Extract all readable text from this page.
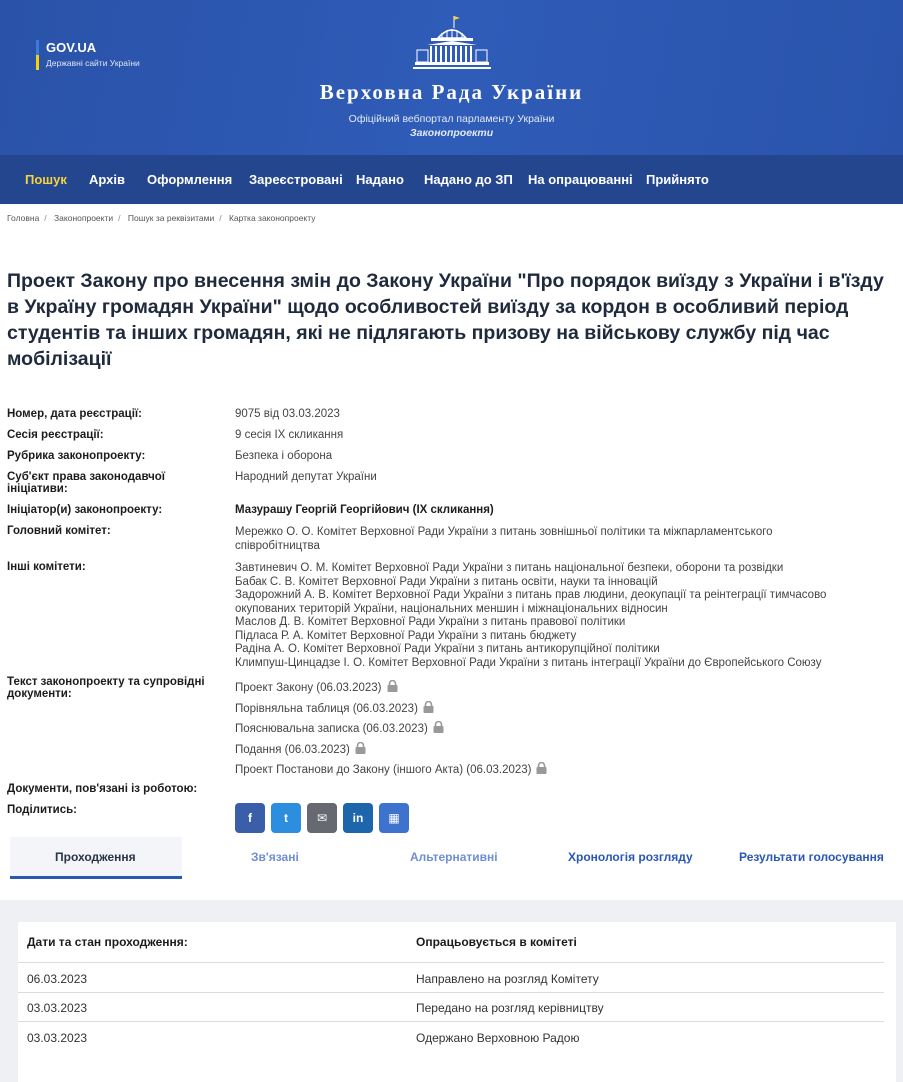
GOV.UA
Державні сайти України
Верховна Рада України
Офіційний вебпортал парламенту України
Законопроекти
Пошук Архів Оформлення Зареєстровані Надано Надано до ЗП На опрацюванні Прийнято
Головна / Законопроекти / Пошук за реквізитами / Картка законопроекту
Проект Закону про внесення змін до Закону України "Про порядок виїзду з України і в'їзду в Україну громадян України" щодо особливостей виїзду за кордон в особливий період студентів та інших громадян, які не підлягають призову на військову службу під час мобілізації
Номер, дата реєстрації:	9075 від 03.03.2023
Сесія реєстрації:	9 сесія IX скликання
Рубрика законопроекту:	Безпека і оборона
Суб'єкт права законодавчої ініціативи:
Народний депутат України
Ініціатор(и) законопроекту:	Мазурашу Георгій Георгійович (IX скликання)
Головний комітет:	Мережко О. О. Комітет Верховної Ради України з питань зовнішньої політики та міжпарламентського співробітництва
Інші комітети:	Завтиневич О. М. Комітет Верховної Ради України з питань національної безпеки, оборони та розвідки
Бабак С. В. Комітет Верховної Ради України з питань освіти, науки та інновацій
Задорожний А. В. Комітет Верховної Ради України з питань прав людини, деокупації та реінтеграції тимчасово окупованих територій України, національних меншин і міжнаціональних відносин
Маслов Д. В. Комітет Верховної Ради України з питань правової політики
Підласа Р. А. Комітет Верховної Ради України з питань бюджету
Радіна А. О. Комітет Верховної Ради України з питань антикорупційної політики
Климпуш-Цинцадзе І. О. Комітет Верховної Ради України з питань інтеграції України до Європейського Союзу
Текст законопроекту та супровідні документи:	Проект Закону (06.03.2023)
Порівняльна таблиця (06.03.2023)
Пояснювальна записка (06.03.2023)
Подання (06.03.2023)
Проект Постанови до Закону (іншого Акта) (06.03.2023)
Документи, пов'язані із роботою:
Поділитись:
f	t ✉ in ▦
Проходження	Зв'язані	Альтернативні	Хронологія розгляду	Результати голосування
Дати та стан проходження:	Опрацьовується в комітеті
06.03.2023	Направлено на розгляд Комітету
03.03.2023	Передано на розгляд керівництву
03.03.2023	Одержано Верховною Радою
